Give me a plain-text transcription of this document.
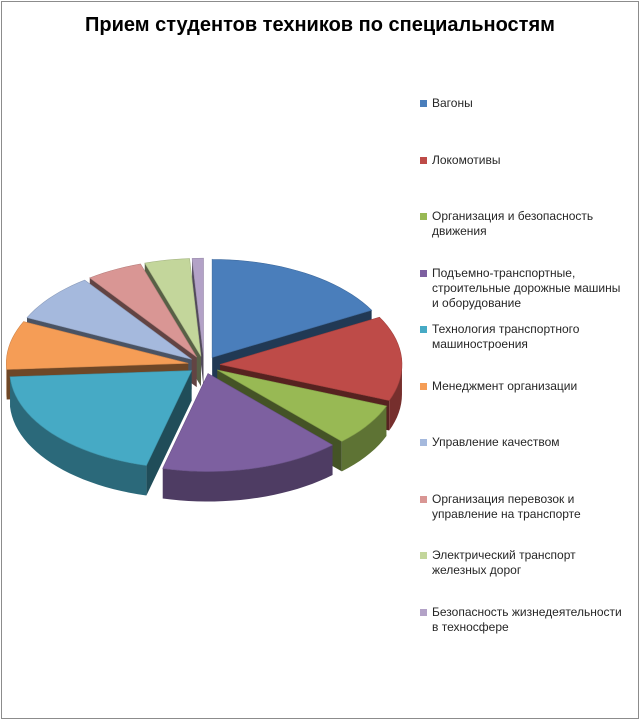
Прием студентов техников по специальностям
Вагоны
Локомотивы
Организация и безопасность
движения
Подъемно-транспортные,
строительные дорожные машины
и оборудование
Технология транспортного
машиностроения
Менеджмент организации
Управление качеством
Организация перевозок и
управление на транспорте
Электрический транспорт
железных дорог
Безопасность жизнедеятельности
в техносфере
